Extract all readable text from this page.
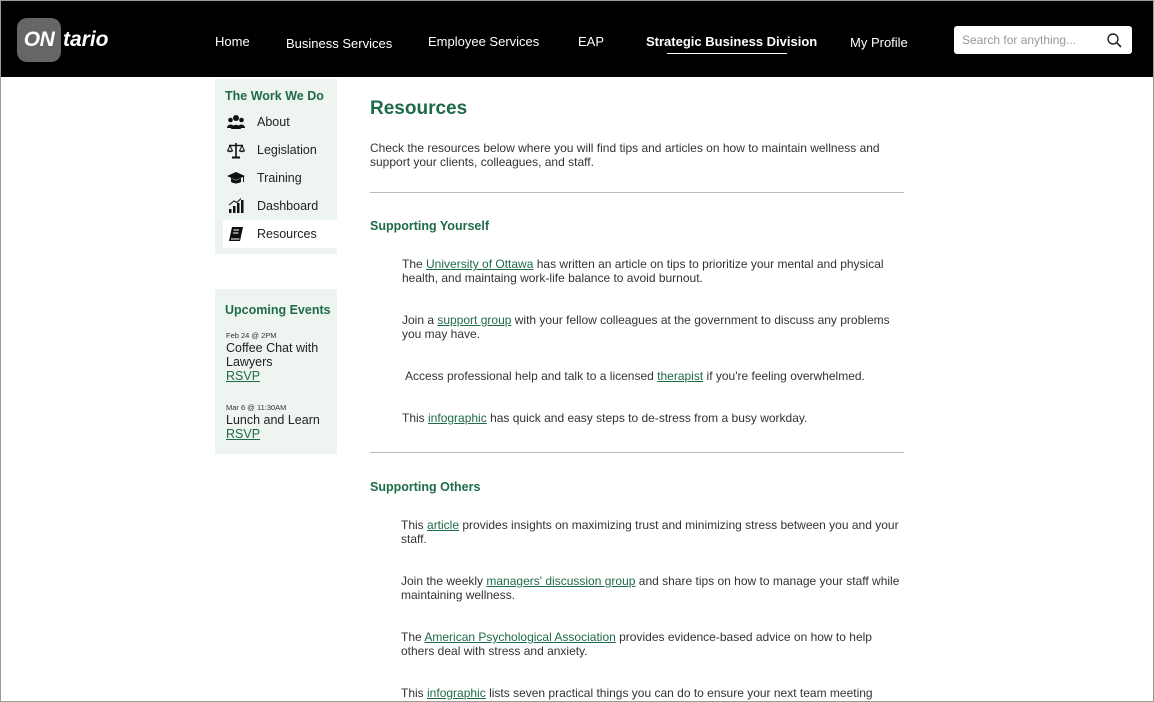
ON tario	Home	Business Services	Employee Services	EAP	Strategic Business Division	My Profile
Search for anything...
The Work We Do
About
Legislation
Training
Dashboard
Resources
Upcoming Events
Feb 24 @ 2PM
Coffee Chat with Lawyers
RSVP
Mar 6 @ 11:30AM
Lunch and Learn
RSVP
Resources
Check the resources below where you will find tips and articles on how to maintain wellness and support your clients, colleagues, and staff.
Supporting Yourself
The University of Ottawa has written an article on tips to prioritize your mental and physical health, and maintaing work-life balance to avoid burnout.
Join a support group with your fellow colleagues at the government to discuss any problems you may have.
Access professional help and talk to a licensed therapist if you're feeling overwhelmed.
This infographic has quick and easy steps to de-stress from a busy workday.
Supporting Others
This article provides insights on maximizing trust and minimizing stress between you and your staff.
Join the weekly managers' discussion group and share tips on how to manage your staff while maintaining wellness.
The American Psychological Association provides evidence-based advice on how to help others deal with stress and anxiety.
This infographic lists seven practical things you can do to ensure your next team meeting
